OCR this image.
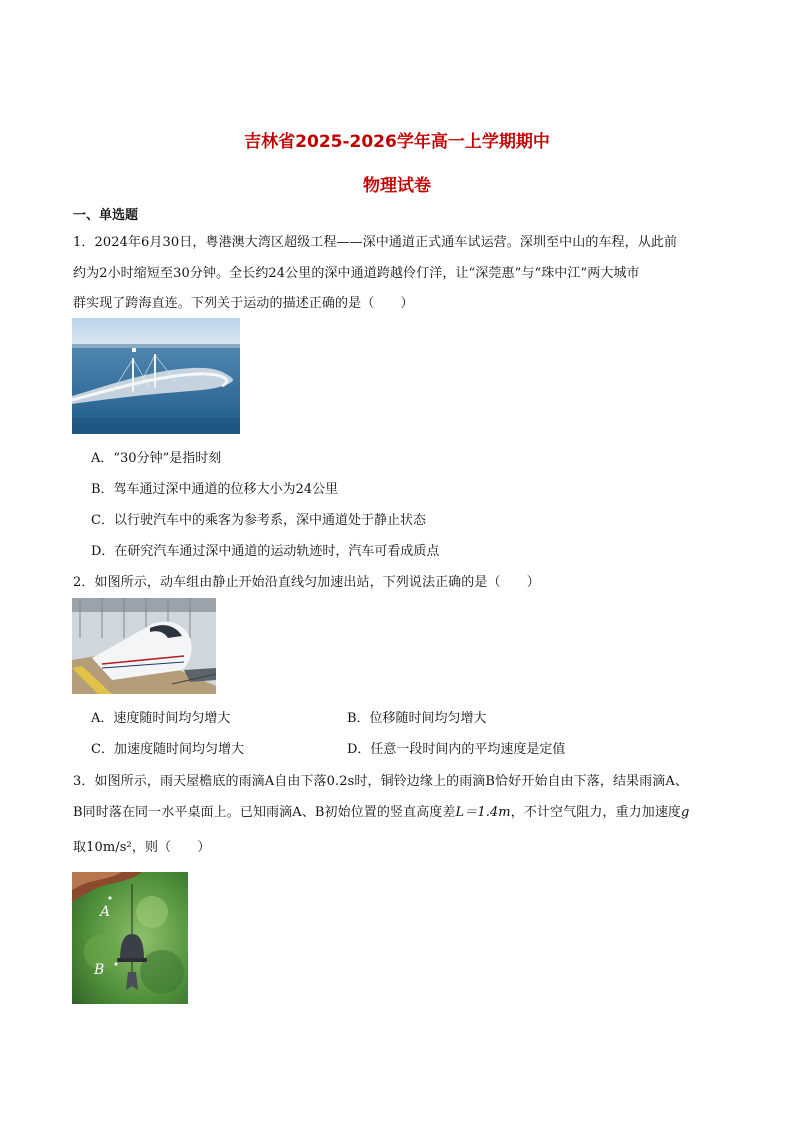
吉林省2025-2026学年高一上学期期中
物理试卷
一、单选题
1．2024年6月30日，粤港澳大湾区超级工程——深中通道正式通车试运营。深圳至中山的车程，从此前
约为2小时缩短至30分钟。全长约24公里的深中通道跨越伶仃洋，让“深莞惠”与“珠中江”两大城市
群实现了跨海直连。下列关于运动的描述正确的是（　　）
A．“30分钟”是指时刻
B．驾车通过深中通道的位移大小为24公里
C．以行驶汽车中的乘客为参考系，深中通道处于静止状态
D．在研究汽车通过深中通道的运动轨迹时，汽车可看成质点
2．如图所示，动车组由静止开始沿直线匀加速出站，下列说法正确的是（　　）
A．速度随时间均匀增大	B．位移随时间均匀增大
C．加速度随时间均匀增大	D．任意一段时间内的平均速度是定值
3．如图所示，雨天屋檐底的雨滴A自由下落0.2s时，铜铃边缘上的雨滴B恰好开始自由下落，结果雨滴A、
B同时落在同一水平桌面上。已知雨滴A、B初始位置的竖直高度差L＝1.4m，不计空气阻力，重力加速度g
取10m/s²，则（　　）
A
B
